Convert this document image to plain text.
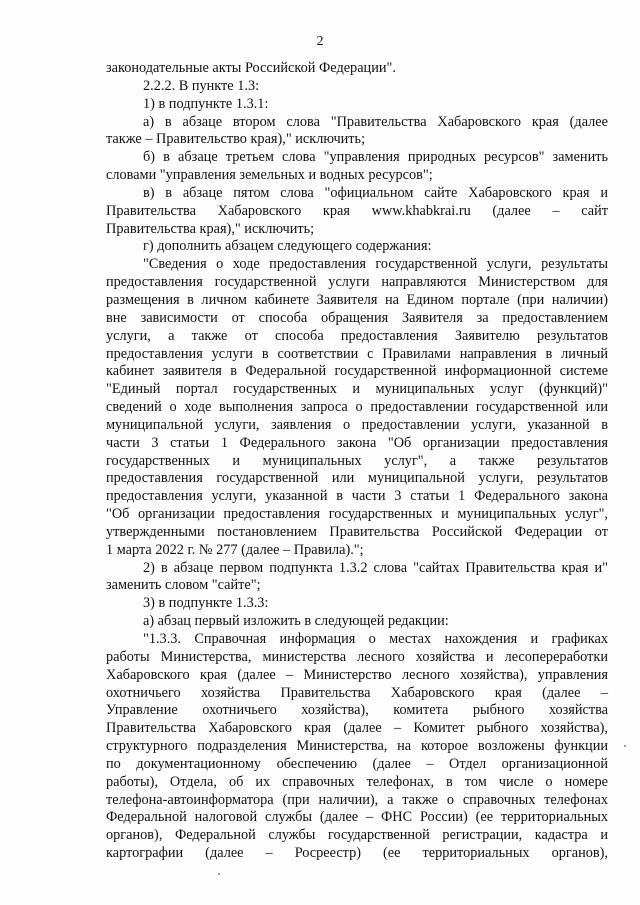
2
законодательные акты Российской Федерации".
2.2.2. В пункте 1.3:
1) в подпункте 1.3.1:
а) в абзаце втором слова "Правительства Хабаровского края (далее
также – Правительство края)," исключить;
б) в абзаце третьем слова "управления природных ресурсов" заменить
словами "управления земельных и водных ресурсов";
в) в абзаце пятом слова "официальном сайте Хабаровского края и
Правительства Хабаровского края www.khabkrai.ru (далее – сайт
Правительства края)," исключить;
г) дополнить абзацем следующего содержания:
"Сведения о ходе предоставления государственной услуги, результаты
предоставления государственной услуги направляются Министерством для
размещения в личном кабинете Заявителя на Едином портале (при наличии)
вне зависимости от способа обращения Заявителя за предоставлением
услуги, а также от способа предоставления Заявителю результатов
предоставления услуги в соответствии с Правилами направления в личный
кабинет заявителя в Федеральной государственной информационной системе
"Единый портал государственных и муниципальных услуг (функций)"
сведений о ходе выполнения запроса о предоставлении государственной или
муниципальной услуги, заявления о предоставлении услуги, указанной в
части 3 статьи 1 Федерального закона "Об организации предоставления
государственных и муниципальных услуг", а также результатов
предоставления государственной или муниципальной услуги, результатов
предоставления услуги, указанной в части 3 статьи 1 Федерального закона
"Об организации предоставления государственных и муниципальных услуг",
утвержденными постановлением Правительства Российской Федерации от
1 марта 2022 г. № 277 (далее – Правила).";
2) в абзаце первом подпункта 1.3.2 слова "сайтах Правительства края и"
заменить словом "сайте";
3) в подпункте 1.3.3:
а) абзац первый изложить в следующей редакции:
"1.3.3. Справочная информация о местах нахождения и графиках
работы Министерства, министерства лесного хозяйства и лесопереработки
Хабаровского края (далее – Министерство лесного хозяйства), управления
охотничьего хозяйства Правительства Хабаровского края (далее –
Управление охотничьего хозяйства), комитета рыбного хозяйства
Правительства Хабаровского края (далее – Комитет рыбного хозяйства),
структурного подразделения Министерства, на которое возложены функции
по документационному обеспечению (далее – Отдел организационной
работы), Отдела, об их справочных телефонах, в том числе о номере
телефона-автоинформатора (при наличии), а также о справочных телефонах
Федеральной налоговой службы (далее – ФНС России) (ее территориальных
органов), Федеральной службы государственной регистрации, кадастра и
картографии (далее – Росреестр) (ее территориальных органов),
